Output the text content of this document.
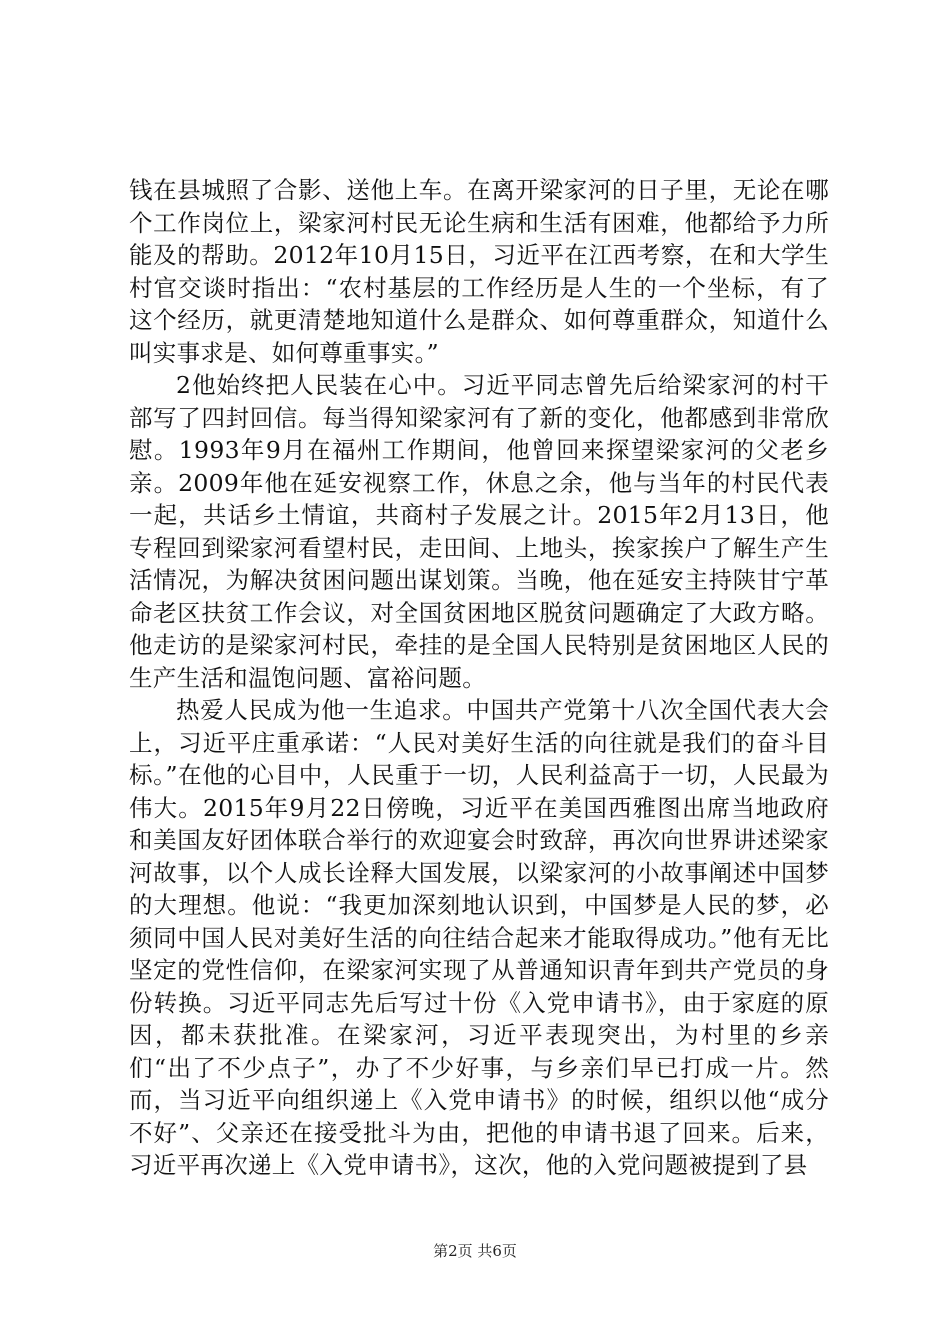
钱在县城照了合影、送他上车。在离开梁家河的日子里，无论在哪个工作岗位上，梁家河村民无论生病和生活有困难，他都给予力所能及的帮助。2012年10月15日，习近平在江西考察，在和大学生村官交谈时指出：“农村基层的工作经历是人生的一个坐标，有了这个经历，就更清楚地知道什么是群众、如何尊重群众，知道什么叫实事求是、如何尊重事实。”

2他始终把人民装在心中。习近平同志曾先后给梁家河的村干部写了四封回信。每当得知梁家河有了新的变化，他都感到非常欣慰。1993年9月在福州工作期间，他曾回来探望梁家河的父老乡亲。2009年他在延安视察工作，休息之余，他与当年的村民代表一起，共话乡土情谊，共商村子发展之计。2015年2月13日，他专程回到梁家河看望村民，走田间、上地头，挨家挨户了解生产生活情况，为解决贫困问题出谋划策。当晚，他在延安主持陕甘宁革命老区扶贫工作会议，对全国贫困地区脱贫问题确定了大政方略。他走访的是梁家河村民，牵挂的是全国人民特别是贫困地区人民的生产生活和温饱问题、富裕问题。

热爱人民成为他一生追求。中国共产党第十八次全国代表大会上，习近平庄重承诺：“人民对美好生活的向往就是我们的奋斗目标。”在他的心目中，人民重于一切，人民利益高于一切，人民最为伟大。2015年9月22日傍晚，习近平在美国西雅图出席当地政府和美国友好团体联合举行的欢迎宴会时致辞，再次向世界讲述梁家河故事，以个人成长诠释大国发展，以梁家河的小故事阐述中国梦的大理想。他说：“我更加深刻地认识到，中国梦是人民的梦，必须同中国人民对美好生活的向往结合起来才能取得成功。”他有无比坚定的党性信仰，在梁家河实现了从普通知识青年到共产党员的身份转换。习近平同志先后写过十份《入党申请书》，由于家庭的原因，都未获批准。在梁家河，习近平表现突出，为村里的乡亲们“出了不少点子”，办了不少好事，与乡亲们早已打成一片。然而，当习近平向组织递上《入党申请书》的时候，组织以他“成分不好”、父亲还在接受批斗为由，把他的申请书退了回来。后来，习近平再次递上《入党申请书》，这次，他的入党问题被提到了县

第2页 共6页
